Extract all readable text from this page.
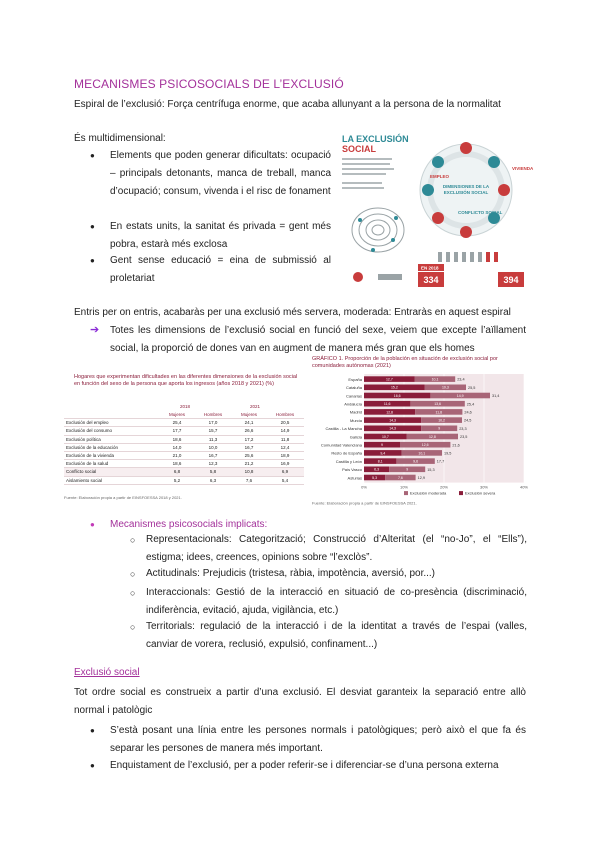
MECANISMES PSICOSOCIALS DE L’EXCLUSIÓ
Espiral de l’exclusió: Força centrífuga enorme, que acaba allunyant a la persona de la normalitat
És multidimensional:
● Elements que poden generar dificultats: ocupació – principals detonants, manca de treball, manca d’ocupació; consum, vivenda i el risc de fonament
● En estats units, la sanitat és privada = gent més pobra, estarà més exclosa
● Gent sense educació = eina de submissió al proletariat
LA EXCLUSIÓN
SOCIAL
DIMENSIONES DE LA
EXCLUSIÓN SOCIAL
EMPLEO
VIVIENDA
CONFLICTO SOCIAL
EN 2018
334	394
Entris per on entris, acabaràs per una exclusió més servera, moderada: Entraràs en aquest espiral
➔ Totes les dimensions de l’exclusió social en funció del sexe, veiem que excepte l’aïllament social, la proporció de dones van en augment de manera més gran que els homes
Hogares que experimentan dificultades en las diferentes dimensiones de la exclusión social en función del sexo de la persona que aporta los ingresos (años 2018 y 2021) (%)
2018	2021
	Mujeres	Hombres	Mujeres	Hombres
Exclusión del empleo	25,4	17,0	24,1	20,5
Exclusión del consumo	17,7	15,7	26,6	14,9
Exclusión política	18,6	11,3	17,2	11,8
Exclusión de la educación	14,0	10,0	16,7	12,4
Exclusión de la vivienda	21,0	16,7	25,6	18,9
Exclusión de la salud	18,6	12,3	21,2	16,9
Conflicto social	6,8	5,8	10,8	6,9
Aislamiento social	5,2	6,3	7,6	5,4
Fuente: Elaboración propia a partir de EINSFOESSA 2018 y 2021.
GRÁFICO 1. Proporción de la población en situación de exclusión social por comunidades autónomas (2021)
0%	10%	20%	30%	40%
España	12,7	10,1	23,4
Cataluña	15,2	10,3	25,5
Canarias	16,6	14,9	31,4
Andalucía	11,6	13,6	25,4
Madrid	12,8	11,8	24,6
Murcia	14,3	10,2	24,5
Castilla - La Mancha	14,3	9	23,3
Galicia	10,7	12,8	23,5
Comunidad Valenciana	9	12,6	21,6
Resto de España	9,4	10,1	19,5
Castilla y León	8,1	9,6	17,7
País Vasco	6,3	9	15,3
Asturias	5,3	7,6	12,9
Exclusión moderada	Exclusión severa
Fuente: Elaboración propia a partir de EINSFOESSA 2021.
● Mecanismes psicosocials implicats:
○ Representacionals: Categorització; Construcció d’Alteritat (el “no-Jo”, el “Ells”), estigma; idees, creences, opinions sobre “l’exclòs”.
○ Actitudinals: Prejudicis (tristesa, ràbia, impotència, aversió, por...)
○ Interaccionals: Gestió de la interacció en situació de co-presència (discriminació, indiferència, evitació, ajuda, vigilància, etc.)
○ Territorials: regulació de la interacció i de la identitat a través de l’espai (valles, canviar de vorera, reclusió, expulsió, confinament...)
Exclusió social
Tot ordre social es construeix a partir d’una exclusió. El desviat garanteix la separació entre allò normal i patològic
● S’està posant una línia entre les persones normals i patològiques; però això el que fa és separar les persones de manera més important.
● Enquistament de l’exclusió, per a poder referir-se i diferenciar-se d’una persona externa
